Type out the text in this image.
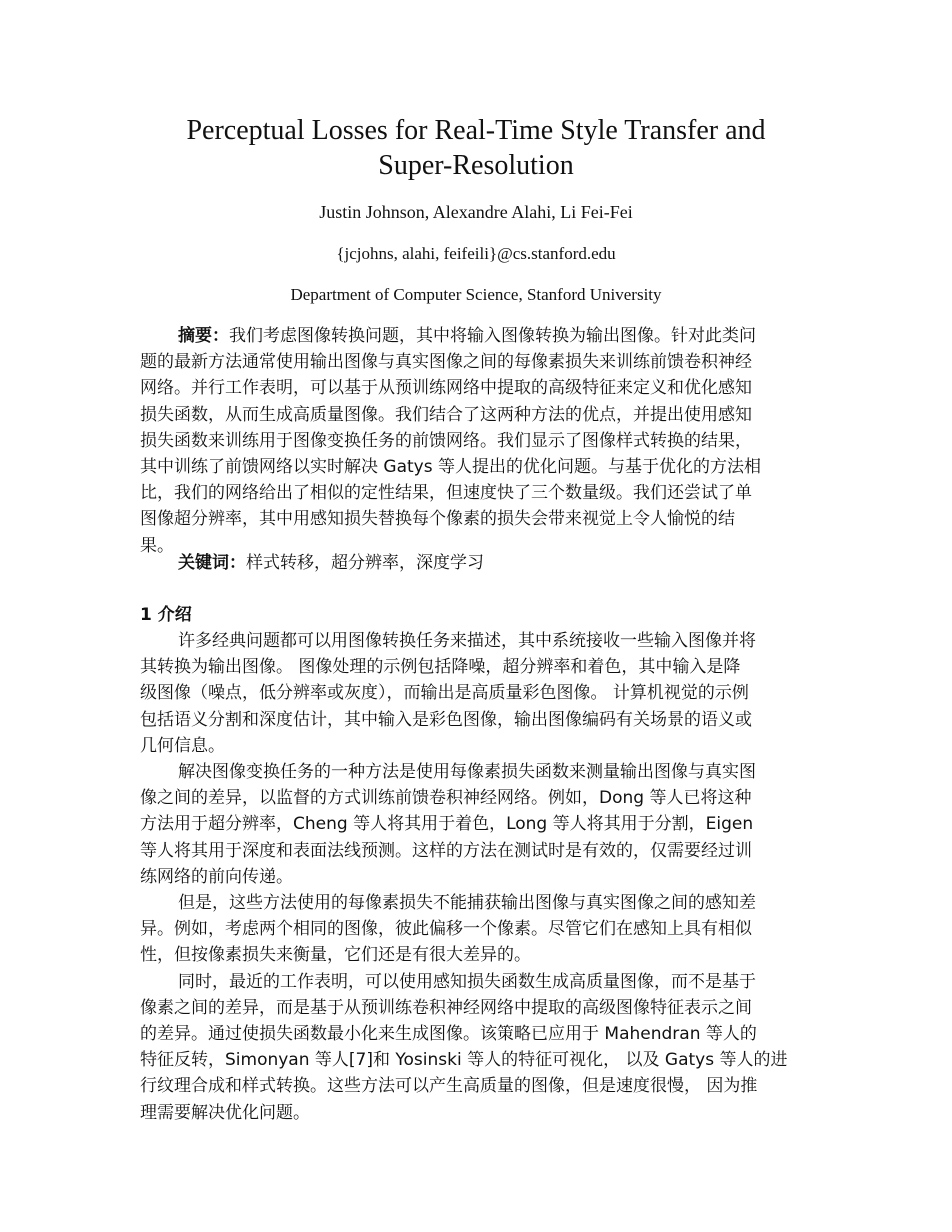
Perceptual Losses for Real-Time Style Transfer and
Super-Resolution

Justin Johnson, Alexandre Alahi, Li Fei-Fei

{jcjohns, alahi, feifeili}@cs.stanford.edu

Department of Computer Science, Stanford University

摘要：我们考虑图像转换问题，其中将输入图像转换为输出图像。针对此类问
题的最新方法通常使用输出图像与真实图像之间的每像素损失来训练前馈卷积神经
网络。并行工作表明，可以基于从预训练网络中提取的高级特征来定义和优化感知
损失函数，从而生成高质量图像。我们结合了这两种方法的优点，并提出使用感知
损失函数来训练用于图像变换任务的前馈网络。我们显示了图像样式转换的结果，
其中训练了前馈网络以实时解决 Gatys 等人提出的优化问题。与基于优化的方法相
比，我们的网络给出了相似的定性结果，但速度快了三个数量级。我们还尝试了单
图像超分辨率，其中用感知损失替换每个像素的损失会带来视觉上令人愉悦的结
果。
关键词：样式转移，超分辨率，深度学习
1 介绍
许多经典问题都可以用图像转换任务来描述，其中系统接收一些输入图像并将
其转换为输出图像。 图像处理的示例包括降噪，超分辨率和着色，其中输入是降
级图像（噪点，低分辨率或灰度），而输出是高质量彩色图像。 计算机视觉的示例
包括语义分割和深度估计，其中输入是彩色图像，输出图像编码有关场景的语义或
几何信息。
解决图像变换任务的一种方法是使用每像素损失函数来测量输出图像与真实图
像之间的差异，以监督的方式训练前馈卷积神经网络。例如，Dong 等人已将这种
方法用于超分辨率，Cheng 等人将其用于着色，Long 等人将其用于分割，Eigen
等人将其用于深度和表面法线预测。这样的方法在测试时是有效的，仅需要经过训
练网络的前向传递。
但是，这些方法使用的每像素损失不能捕获输出图像与真实图像之间的感知差
异。例如，考虑两个相同的图像，彼此偏移一个像素。尽管它们在感知上具有相似
性，但按像素损失来衡量，它们还是有很大差异的。
同时，最近的工作表明，可以使用感知损失函数生成高质量图像，而不是基于
像素之间的差异，而是基于从预训练卷积神经网络中提取的高级图像特征表示之间
的差异。通过使损失函数最小化来生成图像。该策略已应用于 Mahendran 等人的
特征反转，Simonyan 等人[7]和 Yosinski 等人的特征可视化， 以及 Gatys 等人的进
行纹理合成和样式转换。这些方法可以产生高质量的图像，但是速度很慢， 因为推
理需要解决优化问题。
